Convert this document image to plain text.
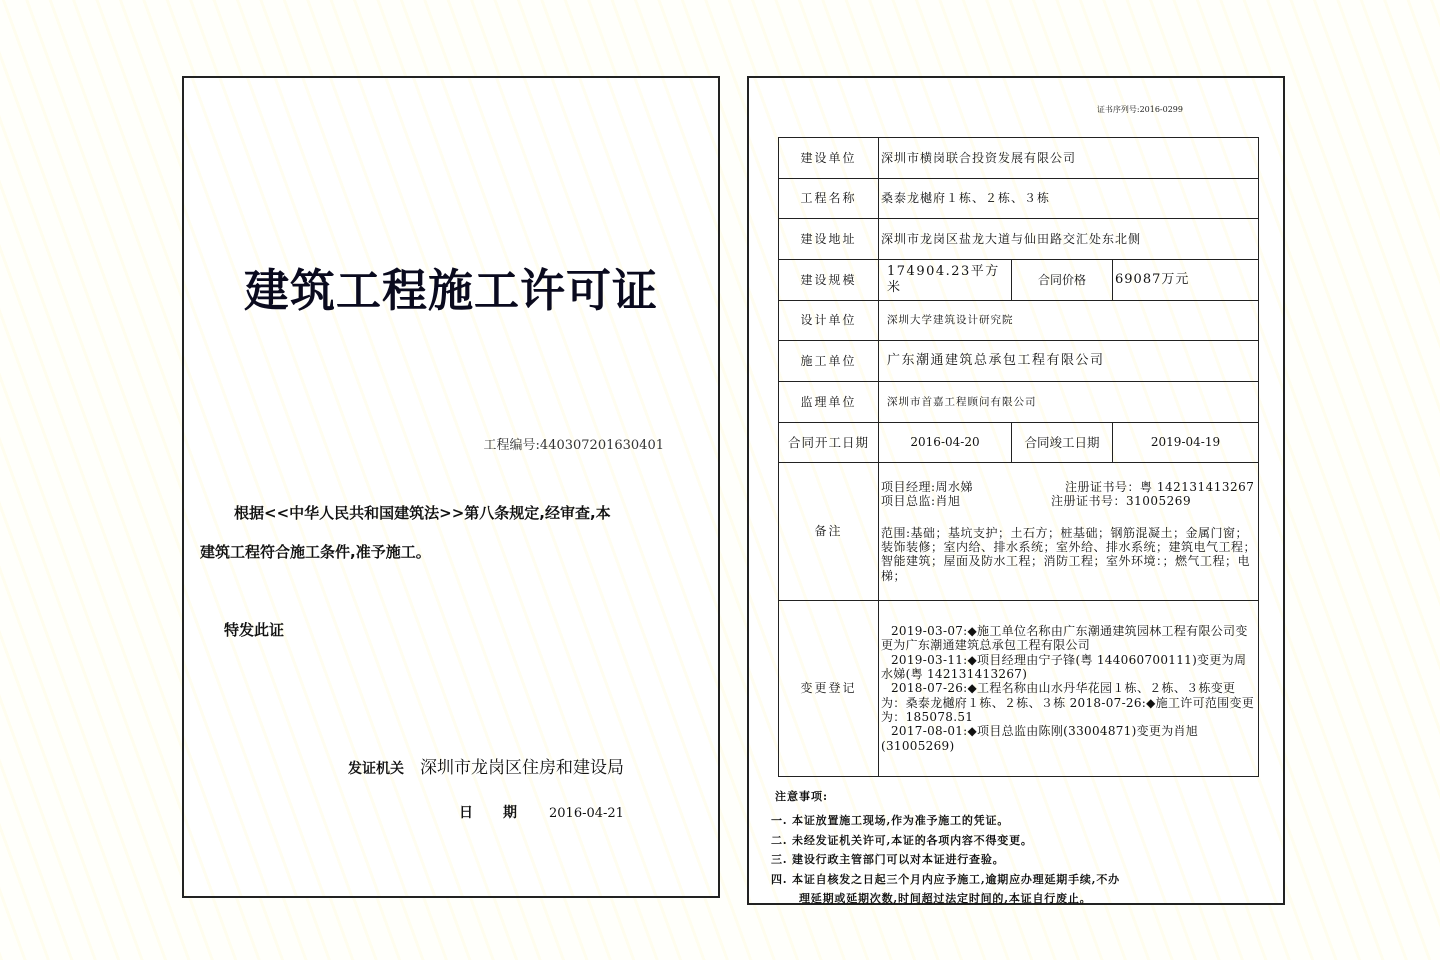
建筑工程施工许可证
工程编号:440307201630401
根据<<中华人民共和国建筑法>>第八条规定,经审查,本
建筑工程符合施工条件,准予施工。
特发此证
发证机关 深圳市龙岗区住房和建设局
日期 2016-04-21
证书序列号:2016-0299
建设单位	深圳市横岗联合投资发展有限公司		
工程名称	桑泰龙樾府１栋、２栋、３栋		
建设地址	深圳市龙岗区盐龙大道与仙田路交汇处东北侧		
建设规模	174904.23平方米	合同价格	69087万元
设计单位	深圳大学建筑设计研究院		
施工单位	广东潮通建筑总承包工程有限公司		
监理单位	深圳市首嘉工程顾问有限公司		
合同开工日期	2016-04-20	合同竣工日期	2019-04-19
备注	项目经理:周水娣 注册证书号：粤 142131413267
项目总监:肖旭 注册证书号：31005269
范围:基础；基坑支护；土石方；桩基础；钢筋混凝土；金属门窗；装饰装修；室内给、排水系统；室外给、排水系统；建筑电气工程；智能建筑；屋面及防水工程；消防工程；室外环境：；燃气工程；电梯；		

变更登记	2019-03-07:◆施工单位名称由广东潮通建筑园林工程有限公司变更为广东潮通建筑总承包工程有限公司
2019-03-11:◆项目经理由宁子锋(粤 144060700111)变更为周水娣(粤 142131413267)
2018-07-26:◆工程名称由山水丹华花园１栋、２栋、３栋变更为：桑泰龙樾府１栋、２栋、３栋 2018-07-26:◆施工许可范围变更为：185078.51
2017-08-01:◆项目总监由陈刚(33004871)变更为肖旭(31005269)		
注意事项:
一. 本证放置施工现场,作为准予施工的凭证。
二. 未经发证机关许可,本证的各项内容不得变更。
三. 建设行政主管部门可以对本证进行查验。
四. 本证自核发之日起三个月内应予施工,逾期应办理延期手续,不办
理延期或延期次数,时间超过法定时间的,本证自行废止。
